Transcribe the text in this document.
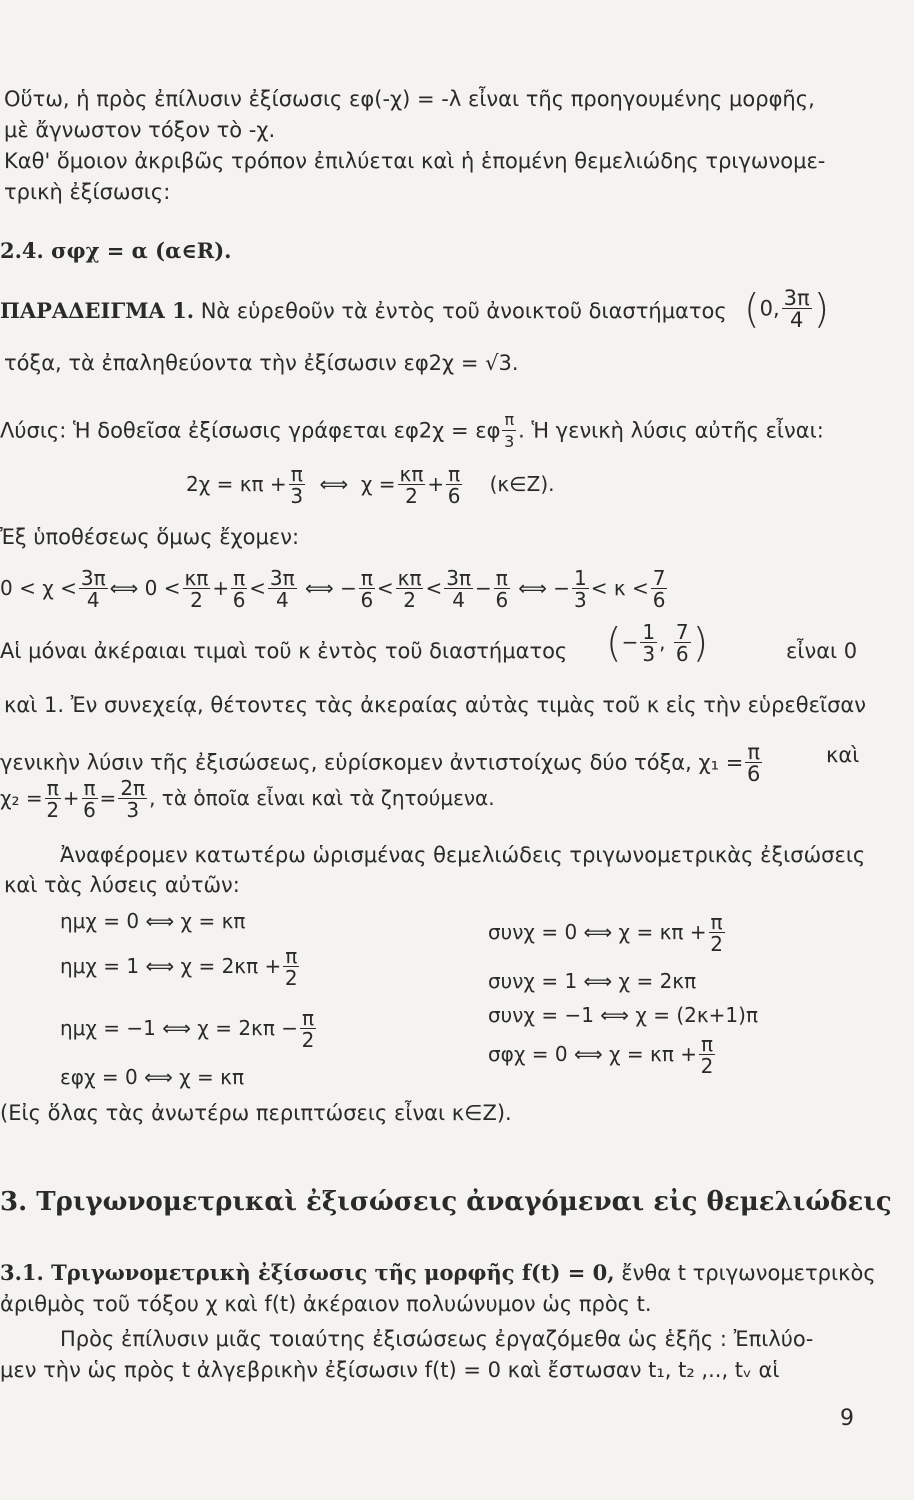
Οὕτω, ἡ πρὸς ἐπίλυσιν ἐξίσωσις εφ(-χ) = -λ εἶναι τῆς προηγουμένης μορφῆς,
μὲ ἄγνωστον τόξον τὸ -χ.
Καθ' ὅμοιον ἀκριβῶς τρόπον ἐπιλύεται καὶ ἡ ἑπομένη θεμελιώδης τριγωνομε-
τρικὴ ἐξίσωσις:
2.4. σφχ = α (α∈R).
ΠΑΡΑΔΕΙΓΜΑ 1. Νὰ εὑρεθοῦν τὰ ἐντὸς τοῦ ἀνοικτοῦ διαστήματος (0, $\frac{3\pi}{4}$ )
τόξα, τὰ ἐπαληθεύοντα τὴν ἐξίσωσιν εφ2χ = √3.
Λύσις: Ἡ δοθεῖσα ἐξίσωσις γράφεται εφ2χ = εφ $\frac{\pi}{3}$ . Ἡ γενικὴ λύσις αὐτῆς εἶναι:
$2\chi = \kappa\pi + \frac{\pi}{3}$ ⟺ $\chi = \frac{\kappa\pi}{2} + \frac{\pi}{6}$ (κ∈Z).
Ἐξ ὑποθέσεως ὅμως ἔχομεν:
$0 < \chi < \frac{3\pi}{4}$ ⟺ $0 < \frac{\kappa\pi}{2} + \frac{\pi}{6} < \frac{3\pi}{4}$ ⟺ − $\frac{\pi}{6} < \frac{\kappa\pi}{2} < \frac{3\pi}{4} - \frac{\pi}{6}$ ⟺ − $\frac{1}{3} < \kappa < \frac{7}{6}$
Αἱ μόναι ἀκέραιαι τιμαὶ τοῦ κ ἐντὸς τοῦ διαστήματος (− $\frac{1}{3}$ , $\frac{7}{6}$ )	εἶναι 0
καὶ 1. Ἐν συνεχείᾳ, θέτοντες τὰς ἀκεραίας αὐτὰς τιμὰς τοῦ κ εἰς τὴν εὑρεθεῖσαν
γενικὴν λύσιν τῆς ἐξισώσεως, εὑρίσκομεν ἀντιστοίχως δύο τόξα, $\chi_1 = \frac{\pi}{6}$	καὶ
$\chi_2 = \frac{\pi}{2} + \frac{\pi}{6} = \frac{2\pi}{3}$ , τὰ ὁποῖα εἶναι καὶ τὰ ζητούμενα.
Ἀναφέρομεν κατωτέρω ὡρισμένας θεμελιώδεις τριγωνομετρικὰς ἐξισώσεις
καὶ τὰς λύσεις αὐτῶν:
ημχ = 0 ⟺ χ = κπ
ημχ = 1 ⟺ $\chi = 2\kappa\pi + \frac{\pi}{2}$
ημχ = −1 ⟺ $\chi = 2\kappa\pi - \frac{\pi}{2}$
εφχ = 0 ⟺ χ = κπ
συνχ = 0 ⟺ $\chi = \kappa\pi + \frac{\pi}{2}$
συνχ = 1 ⟺ χ = 2κπ
συνχ = −1 ⟺ χ = (2κ+1)π
σφχ = 0 ⟺ $\chi = \kappa\pi + \frac{\pi}{2}$
(Εἰς ὅλας τὰς ἀνωτέρω περιπτώσεις εἶναι κ∈Z).
3. Τριγωνομετρικαὶ ἐξισώσεις ἀναγόμεναι εἰς θεμελιώδεις
3.1. Τριγωνομετρικὴ ἐξίσωσις τῆς μορφῆς f(t) = 0, ἔνθα t τριγωνομετρικὸς
ἀριθμὸς τοῦ τόξου χ καὶ f(t) ἀκέραιον πολυώνυμον ὡς πρὸς t.
Πρὸς ἐπίλυσιν μιᾶς τοιαύτης ἐξισώσεως ἐργαζόμεθα ὡς ἑξῆς : Ἐπιλύο-
μεν τὴν ὡς πρὸς t ἀλγεβρικὴν ἐξίσωσιν f(t) = 0 καὶ ἔστωσαν t₁, t₂ ,.., tᵥ αἱ
9
